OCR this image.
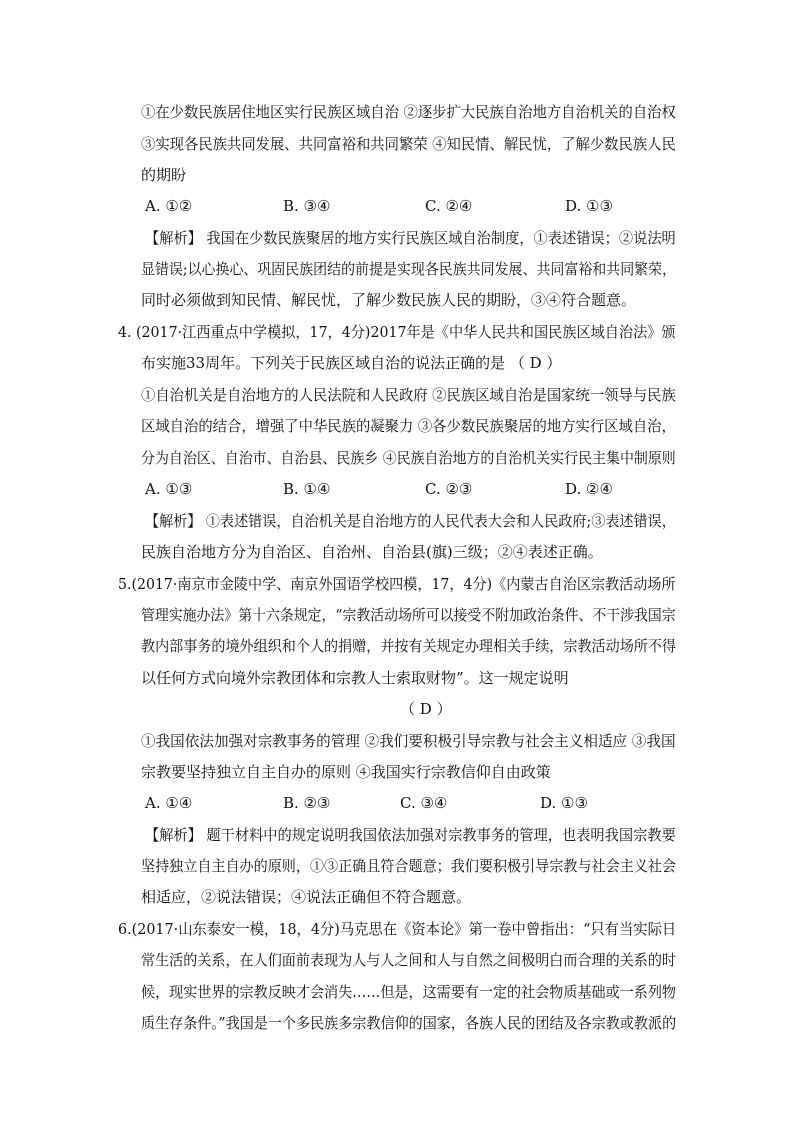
①在少数民族居住地区实行民族区域自治 ②逐步扩大民族自治地方自治机关的自治权
③实现各民族共同发展、共同富裕和共同繁荣 ④知民情、解民忧，了解少数民族人民
的期盼
A. ①②	B. ③④	C. ②④	D. ①③
【解析】 我国在少数民族聚居的地方实行民族区域自治制度，①表述错误；②说法明
显错误;以心换心、巩固民族团结的前提是实现各民族共同发展、共同富裕和共同繁荣，
同时必须做到知民情、解民忧，了解少数民族人民的期盼，③④符合题意。
4. (2017·江西重点中学模拟，17，4分)2017年是《中华人民共和国民族区域自治法》颁
布实施33周年。下列关于民族区域自治的说法正确的是 （ D ）
①自治机关是自治地方的人民法院和人民政府 ②民族区域自治是国家统一领导与民族
区域自治的结合，增强了中华民族的凝聚力 ③各少数民族聚居的地方实行区域自治，
分为自治区、自治市、自治县、民族乡 ④民族自治地方的自治机关实行民主集中制原则
A. ①③	B. ①④	C. ②③	D. ②④
【解析】 ①表述错误，自治机关是自治地方的人民代表大会和人民政府;③表述错误，
民族自治地方分为自治区、自治州、自治县(旗)三级；②④表述正确。
5.(2017·南京市金陵中学、南京外国语学校四模，17，4分)《内蒙古自治区宗教活动场所
管理实施办法》第十六条规定，“宗教活动场所可以接受不附加政治条件、不干涉我国宗
教内部事务的境外组织和个人的捐赠，并按有关规定办理相关手续，宗教活动场所不得
以任何方式向境外宗教团体和宗教人士索取财物”。这一规定说明
（ D ）
①我国依法加强对宗教事务的管理 ②我们要积极引导宗教与社会主义相适应 ③我国
宗教要坚持独立自主自办的原则 ④我国实行宗教信仰自由政策
A. ①④	B. ②③	C. ③④	D. ①③
【解析】 题干材料中的规定说明我国依法加强对宗教事务的管理，也表明我国宗教要
坚持独立自主自办的原则，①③正确且符合题意；我们要积极引导宗教与社会主义社会
相适应，②说法错误；④说法正确但不符合题意。
6.(2017·山东泰安一模，18，4分)马克思在《资本论》第一卷中曾指出：“只有当实际日
常生活的关系，在人们面前表现为人与人之间和人与自然之间极明白而合理的关系的时
候，现实世界的宗教反映才会消失……但是，这需要有一定的社会物质基础或一系列物
质生存条件。”我国是一个多民族多宗教信仰的国家，各族人民的团结及各宗教或教派的
